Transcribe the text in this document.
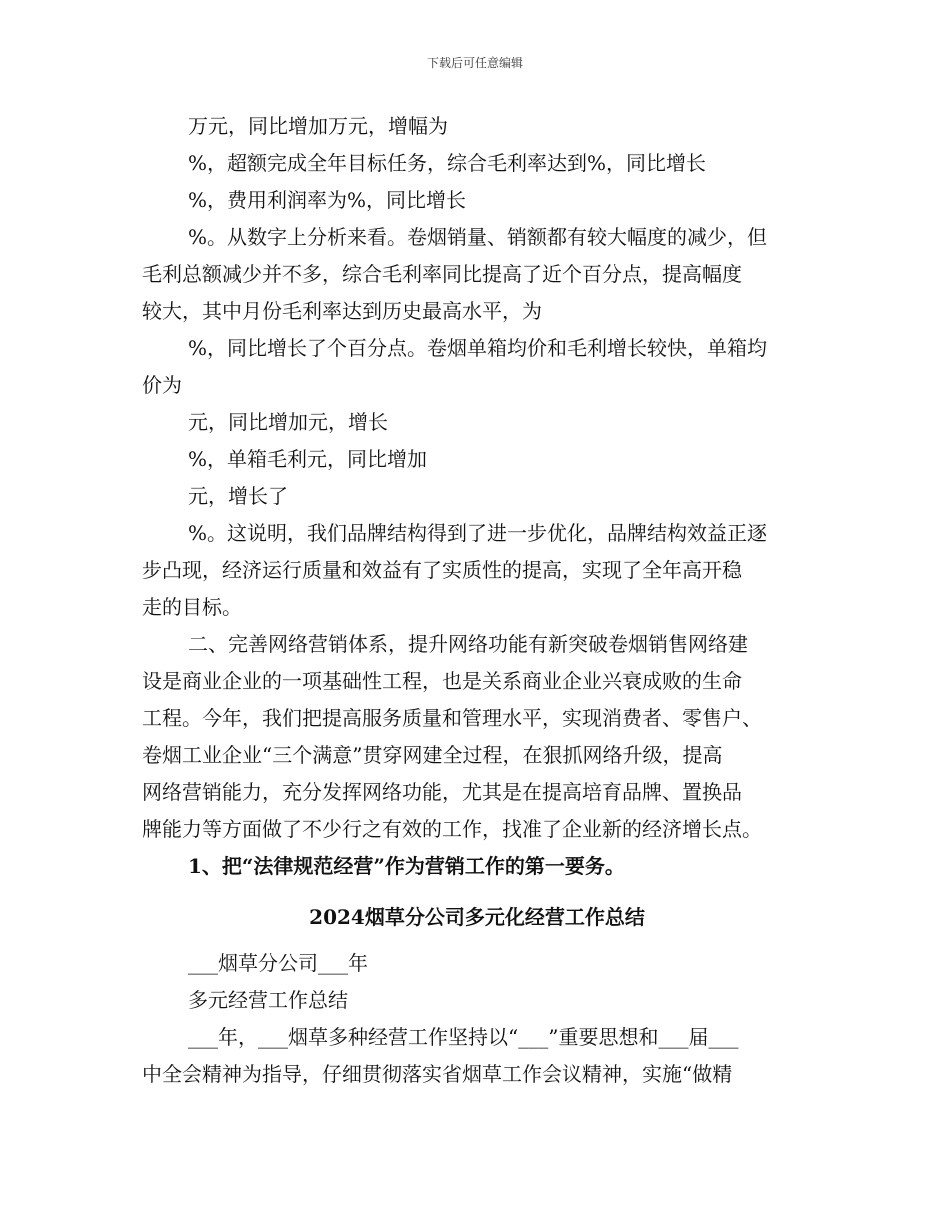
下载后可任意编辑
万元，同比增加万元，增幅为
%，超额完成全年目标任务，综合毛利率达到%，同比增长
%，费用利润率为%，同比增长
%。从数字上分析来看。卷烟销量、销额都有较大幅度的减少，但
毛利总额减少并不多，综合毛利率同比提高了近个百分点，提高幅度
较大，其中月份毛利率达到历史最高水平，为
%，同比增长了个百分点。卷烟单箱均价和毛利增长较快，单箱均
价为
元，同比增加元，增长
%，单箱毛利元，同比增加
元，增长了
%。这说明，我们品牌结构得到了进一步优化，品牌结构效益正逐
步凸现，经济运行质量和效益有了实质性的提高，实现了全年高开稳
走的目标。
二、完善网络营销体系，提升网络功能有新突破卷烟销售网络建
设是商业企业的一项基础性工程，也是关系商业企业兴衰成败的生命
工程。今年，我们把提高服务质量和管理水平，实现消费者、零售户、
卷烟工业企业“三个满意”贯穿网建全过程，在狠抓网络升级，提高
网络营销能力，充分发挥网络功能，尤其是在提高培育品牌、置换品
牌能力等方面做了不少行之有效的工作，找准了企业新的经济增长点。
1、把“法律规范经营”作为营销工作的第一要务。
2024烟草分公司多元化经营工作总结
___烟草分公司___年
多元经营工作总结
___年，___烟草多种经营工作坚持以“___”重要思想和___届___
中全会精神为指导，仔细贯彻落实省烟草工作会议精神，实施“做精
